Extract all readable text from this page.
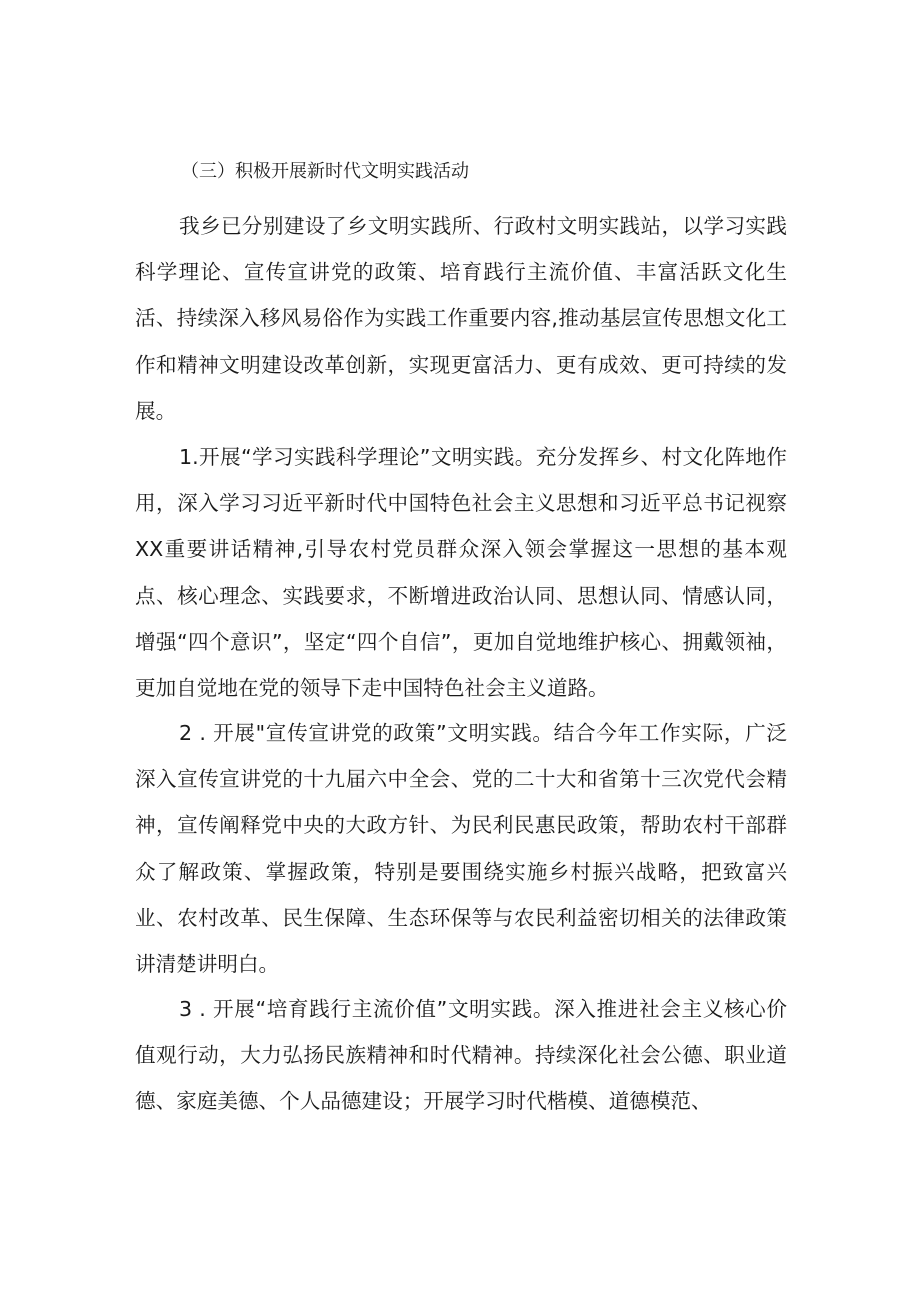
（三）积极开展新时代文明实践活动

我乡已分别建设了乡文明实践所、行政村文明实践站，以学习实践科学理论、宣传宣讲党的政策、培育践行主流价值、丰富活跃文化生活、持续深入移风易俗作为实践工作重要内容,推动基层宣传思想文化工作和精神文明建设改革创新，实现更富活力、更有成效、更可持续的发展。

1.开展“学习实践科学理论”文明实践。充分发挥乡、村文化阵地作用，深入学习习近平新时代中国特色社会主义思想和习近平总书记视察XX重要讲话精神,引导农村党员群众深入领会掌握这一思想的基本观点、核心理念、实践要求，不断增进政治认同、思想认同、情感认同，增强“四个意识”，坚定“四个自信”，更加自觉地维护核心、拥戴领袖，更加自觉地在党的领导下走中国特色社会主义道路。

2 . 开展"宣传宣讲党的政策”文明实践。结合今年工作实际，广泛深入宣传宣讲党的十九届六中全会、党的二十大和省第十三次党代会精神，宣传阐释党中央的大政方针、为民利民惠民政策，帮助农村干部群众了解政策、掌握政策，特别是要围绕实施乡村振兴战略，把致富兴业、农村改革、民生保障、生态环保等与农民利益密切相关的法律政策讲清楚讲明白。

3 . 开展“培育践行主流价值”文明实践。深入推进社会主义核心价值观行动，大力弘扬民族精神和时代精神。持续深化社会公德、职业道德、家庭美德、个人品德建设；开展学习时代楷模、道德模范、
